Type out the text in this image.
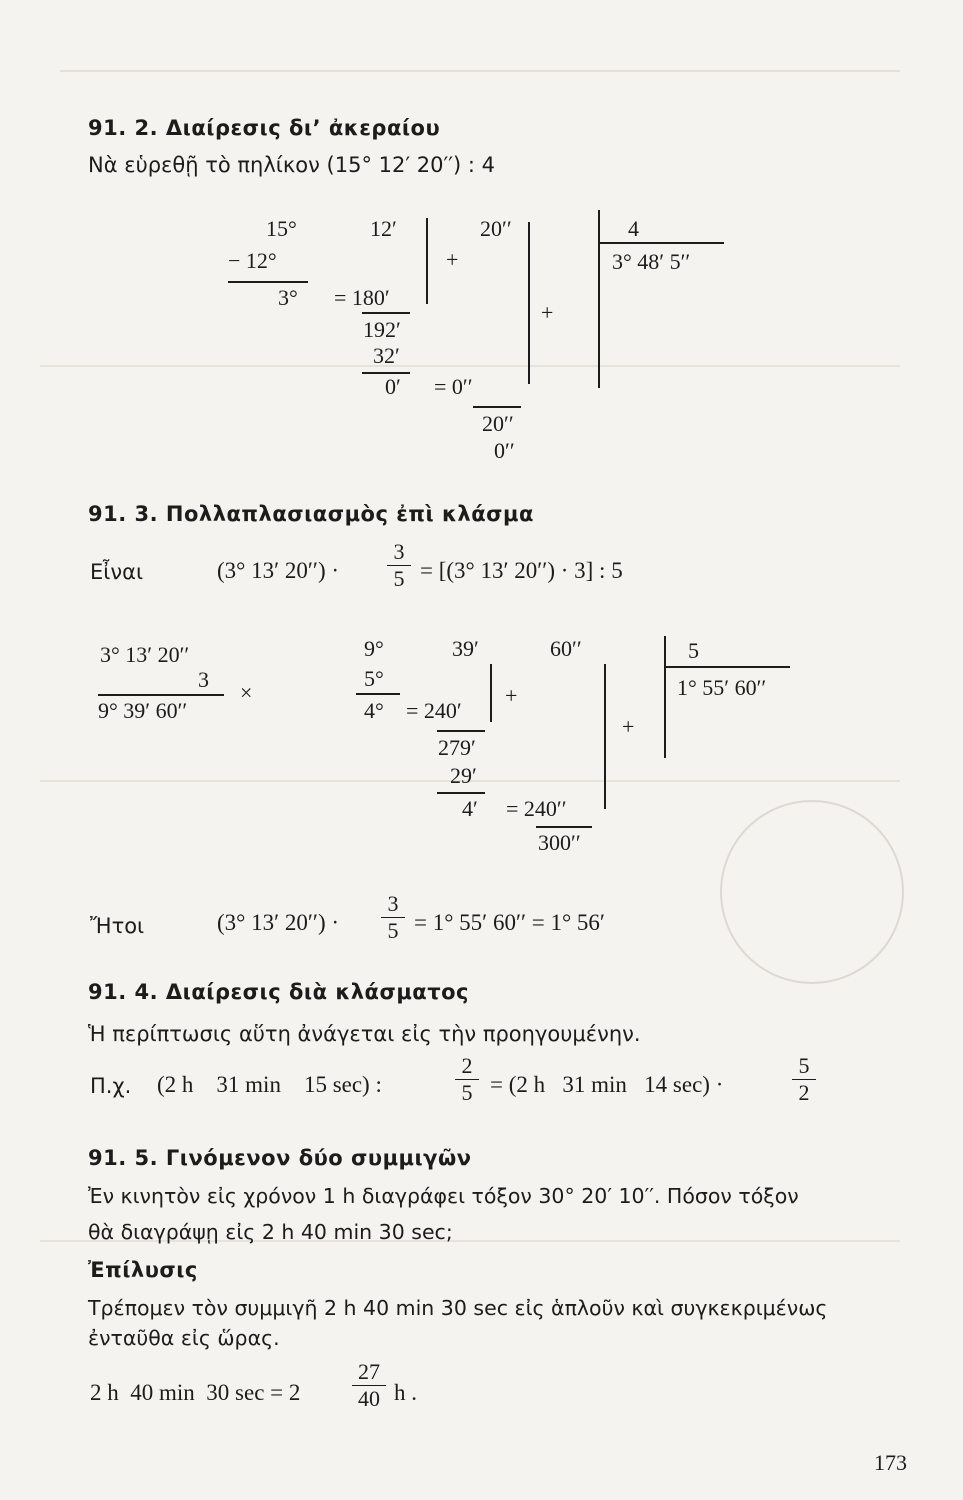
91. 2. Διαίρεσις δι’ ἀκεραίου
Νὰ εὑρεθῇ τὸ πηλίκον (15° 12′ 20′′) : 4
15°
− 12°
3° = 180′
12′
+
192′
32′
0′ = 0′′
20′′
+
20′′
0′′
4
3° 48′ 5′′
91. 3. Πολλαπλασιασμὸς ἐπὶ κλάσμα
Εἶναι	(3° 13′ 20′′) ·
3
5 = [(3° 13′ 20′′) · 3] : 5
3° 13′ 20′′
3
×
9° 39′ 60′′
9°
5°
4° = 240′
39′
+
279′
29′
4′ = 240′′
60′′
+
300′′
5
1° 55′ 60′′
Ἤτοι	(3° 13′ 20′′) ·
3
5 = 1° 55′ 60′′ = 1° 56′
91. 4. Διαίρεσις διὰ κλάσματος
Ἡ περίπτωσις αὕτη ἀνάγεται εἰς τὴν προηγουμένην.
Π.χ. (2 h    31 min    15 sec) :
2
5 = (2 h   31 min   14 sec) ·
5
2
91. 5. Γινόμενον δύο συμμιγῶν
Ἐν κινητὸν εἰς χρόνον 1 h διαγράφει τόξον 30° 20′ 10′′. Πόσον τόξον
θὰ διαγράψῃ εἰς 2 h 40 min 30 sec;
Ἐπίλυσις
Τρέπομεν τὸν συμμιγῆ 2 h 40 min 30 sec εἰς ἁπλοῦν καὶ συγκεκριμένως
ἐνταῦθα εἰς ὥρας.
2 h  40 min  30 sec = 2
27
40 h .
173
